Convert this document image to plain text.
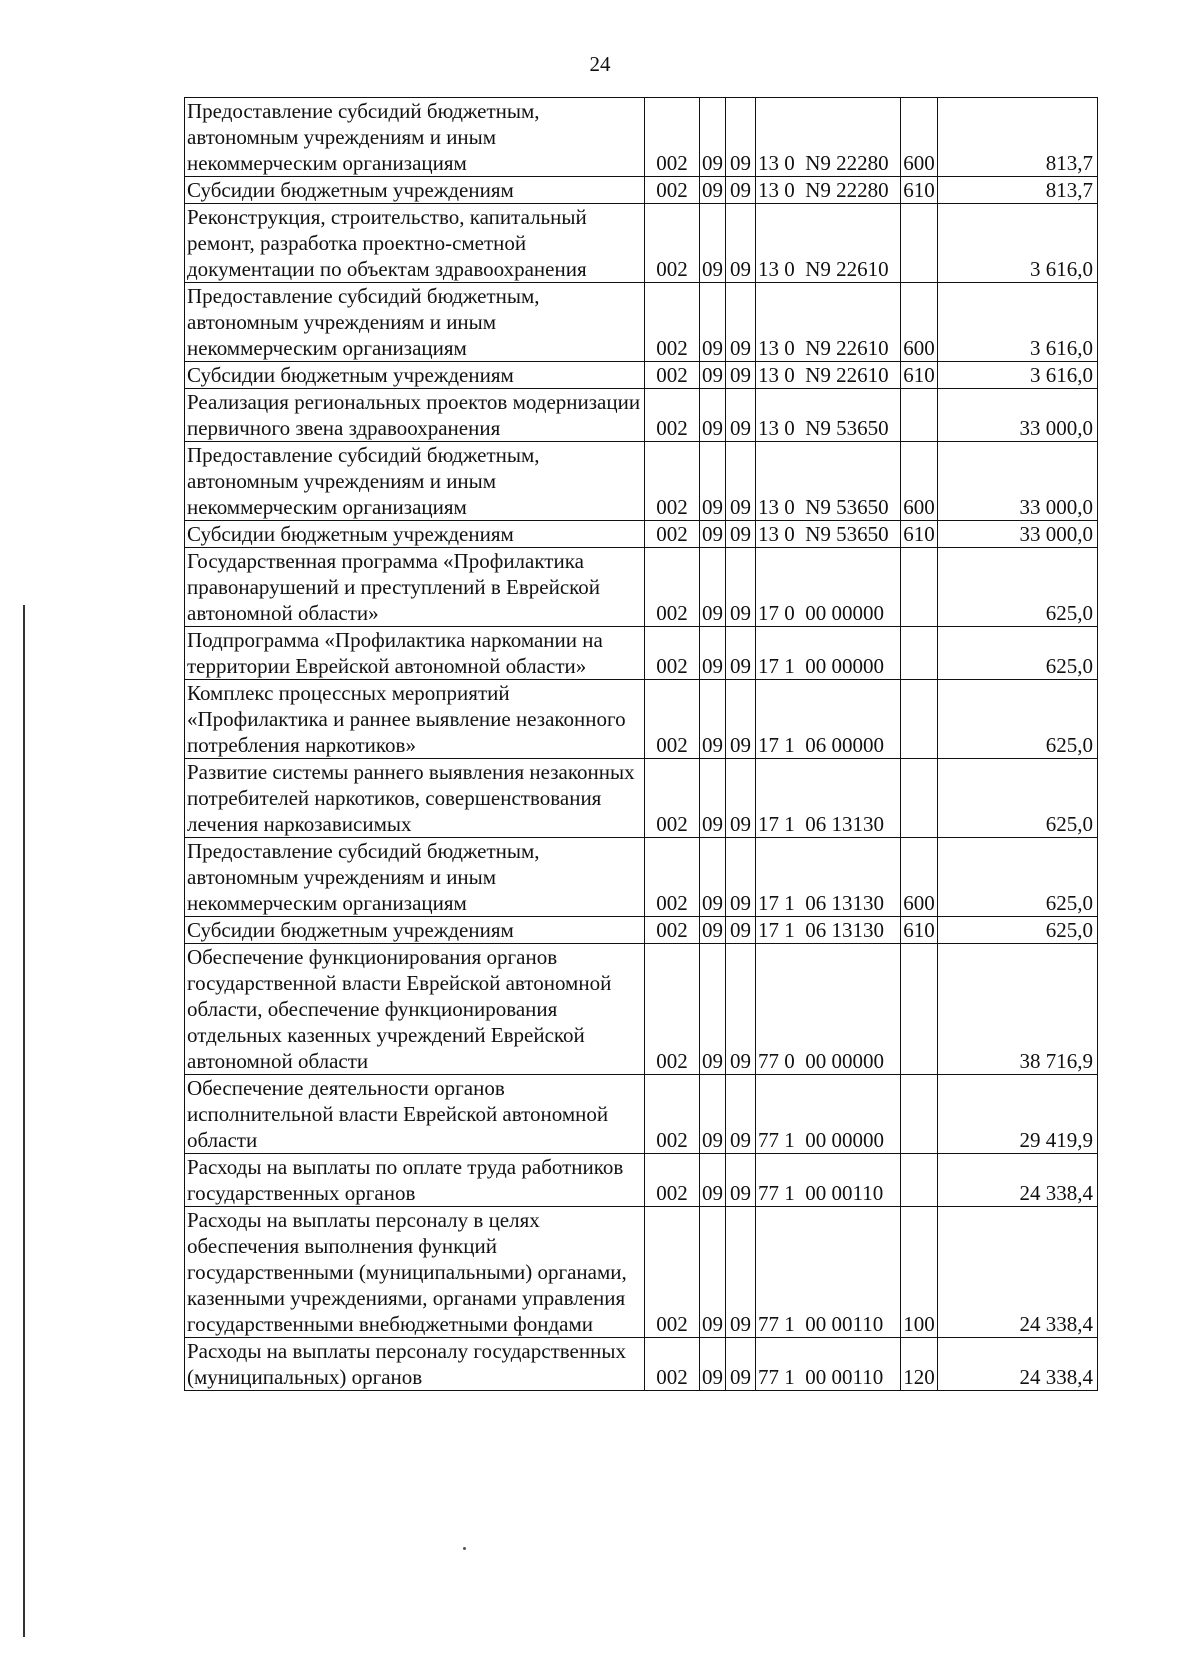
24
Предоставление субсидий бюджетным, автономным учреждениям и иным некоммерческим организациям	002	09	09	13 0  N9 22280	600	813,7
Субсидии бюджетным учреждениям	002	09	09	13 0  N9 22280	610	813,7
Реконструкция, строительство, капитальный ремонт, разработка проектно-сметной документации по объектам здравоохранения	002	09	09	13 0  N9 22610		3 616,0
Предоставление субсидий бюджетным, автономным учреждениям и иным некоммерческим организациям	002	09	09	13 0  N9 22610	600	3 616,0
Субсидии бюджетным учреждениям	002	09	09	13 0  N9 22610	610	3 616,0
Реализация региональных проектов модернизации первичного звена здравоохранения	002	09	09	13 0  N9 53650		33 000,0
Предоставление субсидий бюджетным, автономным учреждениям и иным некоммерческим организациям	002	09	09	13 0  N9 53650	600	33 000,0
Субсидии бюджетным учреждениям	002	09	09	13 0  N9 53650	610	33 000,0
Государственная программа «Профилактика правонарушений и преступлений в Еврейской автономной области»	002	09	09	17 0  00 00000		625,0
Подпрограмма «Профилактика наркомании на территории Еврейской автономной области»	002	09	09	17 1  00 00000		625,0
Комплекс процессных мероприятий «Профилактика и раннее выявление незаконного потребления наркотиков»	002	09	09	17 1  06 00000		625,0
Развитие системы раннего выявления незаконных потребителей наркотиков, совершенствования лечения наркозависимых	002	09	09	17 1  06 13130		625,0
Предоставление субсидий бюджетным, автономным учреждениям и иным некоммерческим организациям	002	09	09	17 1  06 13130	600	625,0
Субсидии бюджетным учреждениям	002	09	09	17 1  06 13130	610	625,0
Обеспечение функционирования органов государственной власти Еврейской автономной области, обеспечение функционирования отдельных казенных учреждений Еврейской автономной области	002	09	09	77 0  00 00000		38 716,9
Обеспечение деятельности органов исполнительной власти Еврейской автономной области	002	09	09	77 1  00 00000		29 419,9
Расходы на выплаты по оплате труда работников государственных органов	002	09	09	77 1  00 00110		24 338,4
Расходы на выплаты персоналу в целях обеспечения выполнения функций государственными (муниципальными) органами, казенными учреждениями, органами управления государственными внебюджетными фондами	002	09	09	77 1  00 00110	100	24 338,4
Расходы на выплаты персоналу государственных (муниципальных) органов	002	09	09	77 1  00 00110	120	24 338,4
